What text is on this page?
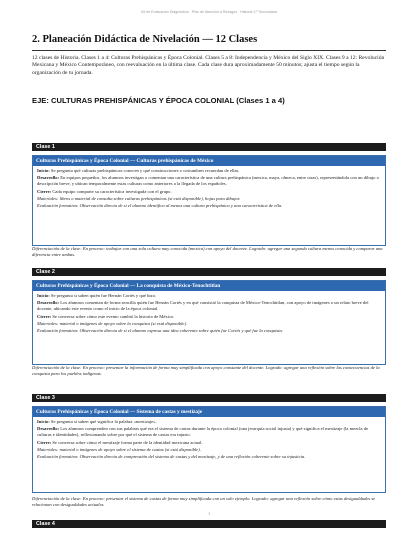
Kit de Evaluación Diagnóstica · Plan de Atención a Rezagos · Historia 2.º Secundaria
2. Planeación Didáctica de Nivelación — 12 Clases
12 clases de Historia. Clases 1 a 4: Culturas Prehispánicas y Época Colonial. Clases 5 a 8: Independencia y México del Siglo XIX. Clases 9 a 12: Revolución Mexicana y México Contemporáneo, con reevaluación en la última clase. Cada clase dura aproximadamente 50 minutos; ajusta el tiempo según la organización de tu jornada.
EJE: CULTURAS PREHISPÁNICAS Y ÉPOCA COLONIAL (Clases 1 a 4)
Clase 1
Culturas Prehispánicas y Época Colonial — Culturas prehispánicas de México

Inicio: Se pregunta qué culturas prehispánicas conocen y qué construcciones o costumbres recuerdan de ellas.

Desarrollo: En equipos pequeños, los alumnos investigan o comentan una característica de una cultura prehispánica (mexica, maya, olmeca, entre otras), representándola con un dibujo o descripción breve, y ubican temporalmente estas culturas como anteriores a la llegada de los españoles.

Cierre: Cada equipo comparte su característica investigada con el grupo.

Materiales: libros o material de consulta sobre culturas prehispánicas (si está disponible), hojas para dibujar.

Evaluación formativa: Observación directa de si el alumno identifica al menos una cultura prehispánica y una característica de ella.

Diferenciación de la clase: En proceso: trabajar con una sola cultura muy conocida (mexica) con apoyo del docente. Logrado: agregar una segunda cultura menos conocida y comparar una diferencia entre ambas.
Clase 2
Culturas Prehispánicas y Época Colonial — La conquista de México-Tenochtitlan

Inicio: Se pregunta si saben quién fue Hernán Cortés y qué hizo.

Desarrollo: Los alumnos comentan de forma sencilla quién fue Hernán Cortés y en qué consistió la conquista de México-Tenochtitlan, con apoyo de imágenes o un relato breve del docente, ubicando este evento como el inicio de la época colonial.

Cierre: Se conversa sobre cómo este evento cambió la historia de México.

Materiales: material o imágenes de apoyo sobre la conquista (si está disponible).

Evaluación formativa: Observación directa de si el alumno expresa una idea coherente sobre quién fue Cortés y qué fue la conquista.

Diferenciación de la clase: En proceso: presentar la información de forma muy simplificada con apoyo constante del docente. Logrado: agregar una reflexión sobre las consecuencias de la conquista para los pueblos indígenas.
Clase 3
Culturas Prehispánicas y Época Colonial — Sistema de castas y mestizaje

Inicio: Se pregunta si saben qué significa la palabra «mestizaje».

Desarrollo: Los alumnos comprenden con sus palabras qué era el sistema de castas durante la época colonial (una jerarquía social injusta) y qué significa el mestizaje (la mezcla de culturas e identidades), reflexionando sobre por qué el sistema de castas era injusto.

Cierre: Se conversa sobre cómo el mestizaje forma parte de la identidad mexicana actual.

Materiales: material o imágenes de apoyo sobre el sistema de castas (si está disponible).

Evaluación formativa: Observación directa de comprensión del sistema de castas y del mestizaje, y de una reflexión coherente sobre su injusticia.

Diferenciación de la clase: En proceso: presentar el sistema de castas de forma muy simplificada con un solo ejemplo. Logrado: agregar una reflexión sobre cómo estas desigualdades se relacionan con desigualdades actuales.
Clase 4
3
